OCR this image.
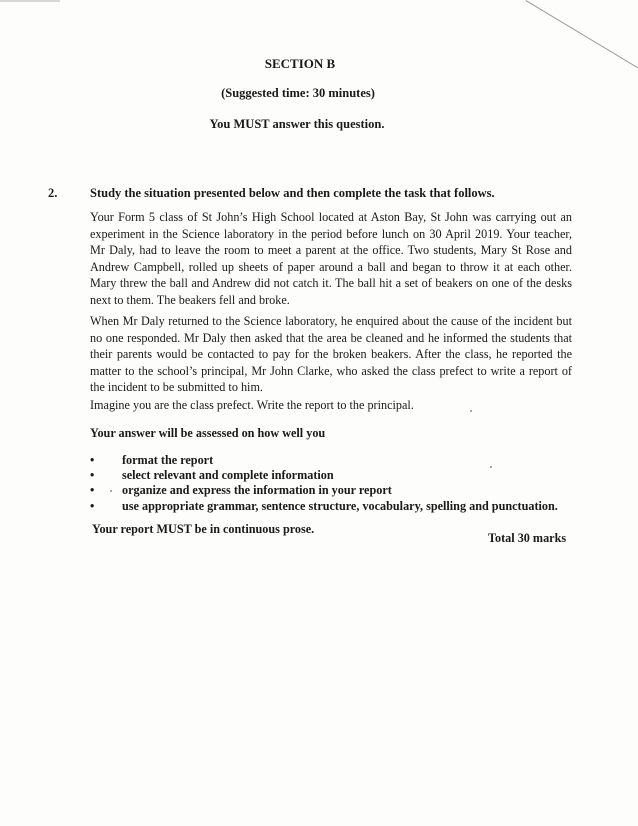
SECTION B
(Suggested time: 30 minutes)
You MUST answer this question.
2.	Study the situation presented below and then complete the task that follows.

Your Form 5 class of St John’s High School located at Aston Bay, St John was carrying out an experiment in the Science laboratory in the period before lunch on 30 April 2019. Your teacher, Mr Daly, had to leave the room to meet a parent at the office. Two students, Mary St Rose and Andrew Campbell, rolled up sheets of paper around a ball and began to throw it at each other. Mary threw the ball and Andrew did not catch it. The ball hit a set of beakers on one of the desks next to them. The beakers fell and broke.

When Mr Daly returned to the Science laboratory, he enquired about the cause of the incident but no one responded. Mr Daly then asked that the area be cleaned and he informed the students that their parents would be contacted to pay for the broken beakers. After the class, he reported the matter to the school’s principal, Mr John Clarke, who asked the class prefect to write a report of the incident to be submitted to him.

Imagine you are the class prefect. Write the report to the principal.

Your answer will be assessed on how well you
• format the report
• select relevant and complete information
• organize and express the information in your report
• use appropriate grammar, sentence structure, vocabulary, spelling and punctuation.
Your report MUST be in continuous prose.
Total 30 marks
